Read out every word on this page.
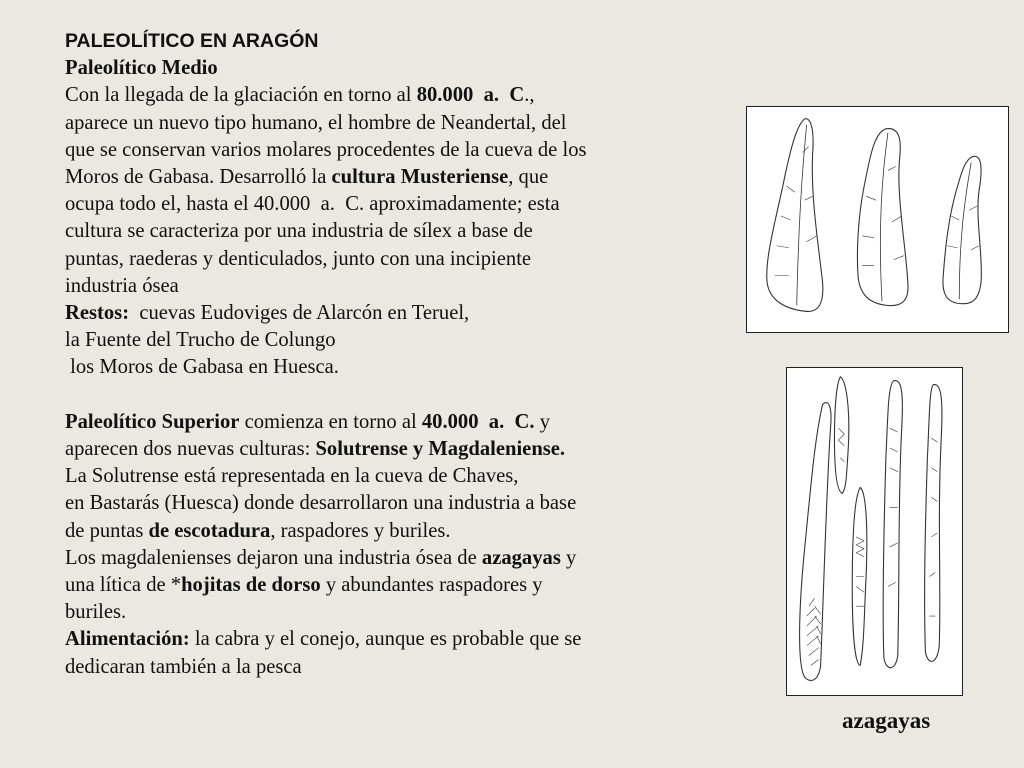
PALEOLÍTICO EN ARAGÓN
Paleolítico Medio
Con la llegada de la glaciación en torno al 80.000  a.  C.,
aparece un nuevo tipo humano, el hombre de Neandertal, del
que se conservan varios molares procedentes de la cueva de los
Moros de Gabasa. Desarrolló la cultura Musteriense, que
ocupa todo el, hasta el 40.000  a.  C. aproximadamente; esta
cultura se caracteriza por una industria de sílex a base de
puntas, raederas y denticulados, junto con una incipiente
industria ósea
Restos:  cuevas Eudoviges de Alarcón en Teruel,
la Fuente del Trucho de Colungo
los Moros de Gabasa en Huesca.
Paleolítico Superior comienza en torno al 40.000  a.  C. y
aparecen dos nuevas culturas: Solutrense y Magdaleniense.
La Solutrense está representada en la cueva de Chaves,
en Bastarás (Huesca) donde desarrollaron una industria a base
de puntas de escotadura, raspadores y buriles.
Los magdalenienses dejaron una industria ósea de azagayas y
una lítica de *hojitas de dorso y abundantes raspadores y
buriles.
Alimentación: la cabra y el conejo, aunque es probable que se
dedicaran también a la pesca
azagayas
